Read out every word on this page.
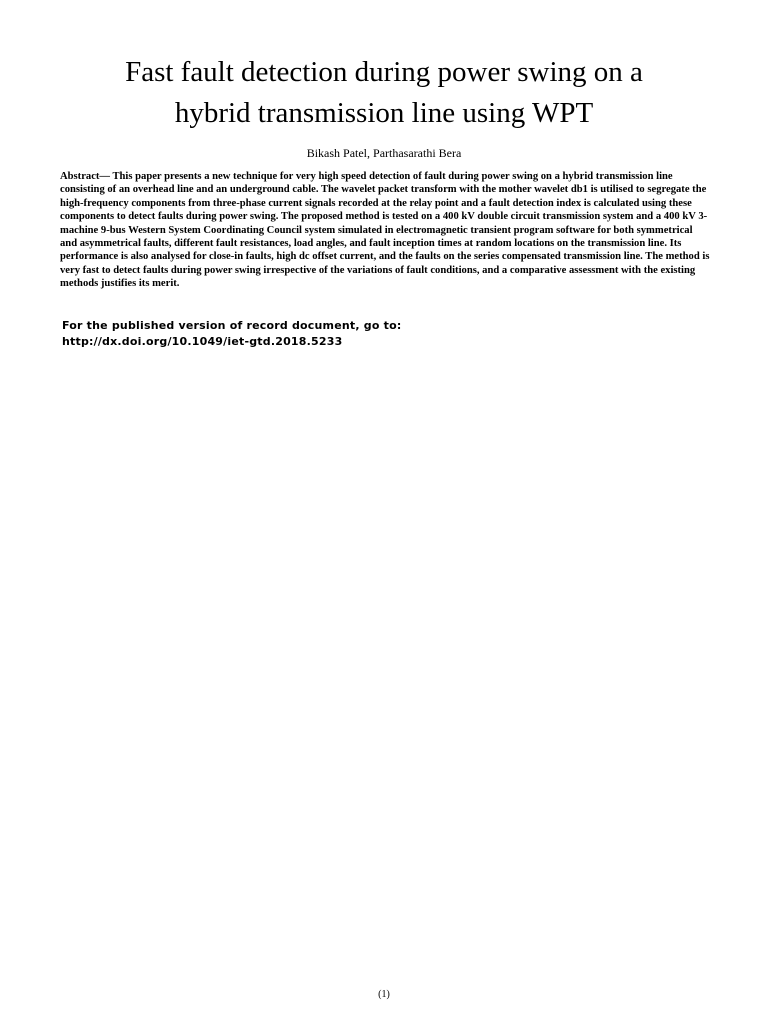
Fast fault detection during power swing on a
hybrid transmission line using WPT
Bikash Patel, Parthasarathi Bera

Abstract— This paper presents a new technique for very high speed detection of fault during power swing on a hybrid transmission line consisting of an overhead line and an underground cable. The wavelet packet transform with the mother wavelet db1 is utilised to segregate the high-frequency components from three-phase current signals recorded at the relay point and a fault detection index is calculated using these components to detect faults during power swing. The proposed method is tested on a 400 kV double circuit transmission system and a 400 kV 3-machine 9-bus Western System Coordinating Council system simulated in electromagnetic transient program software for both symmetrical and asymmetrical faults, different fault resistances, load angles, and fault inception times at random locations on the transmission line. Its performance is also analysed for close-in faults, high dc offset current, and the faults on the series compensated transmission line. The method is very fast to detect faults during power swing irrespective of the variations of fault conditions, and a comparative assessment with the existing methods justifies its merit.

For the published version of record document, go to:
http://dx.doi.org/10.1049/iet-gtd.2018.5233
(1)
